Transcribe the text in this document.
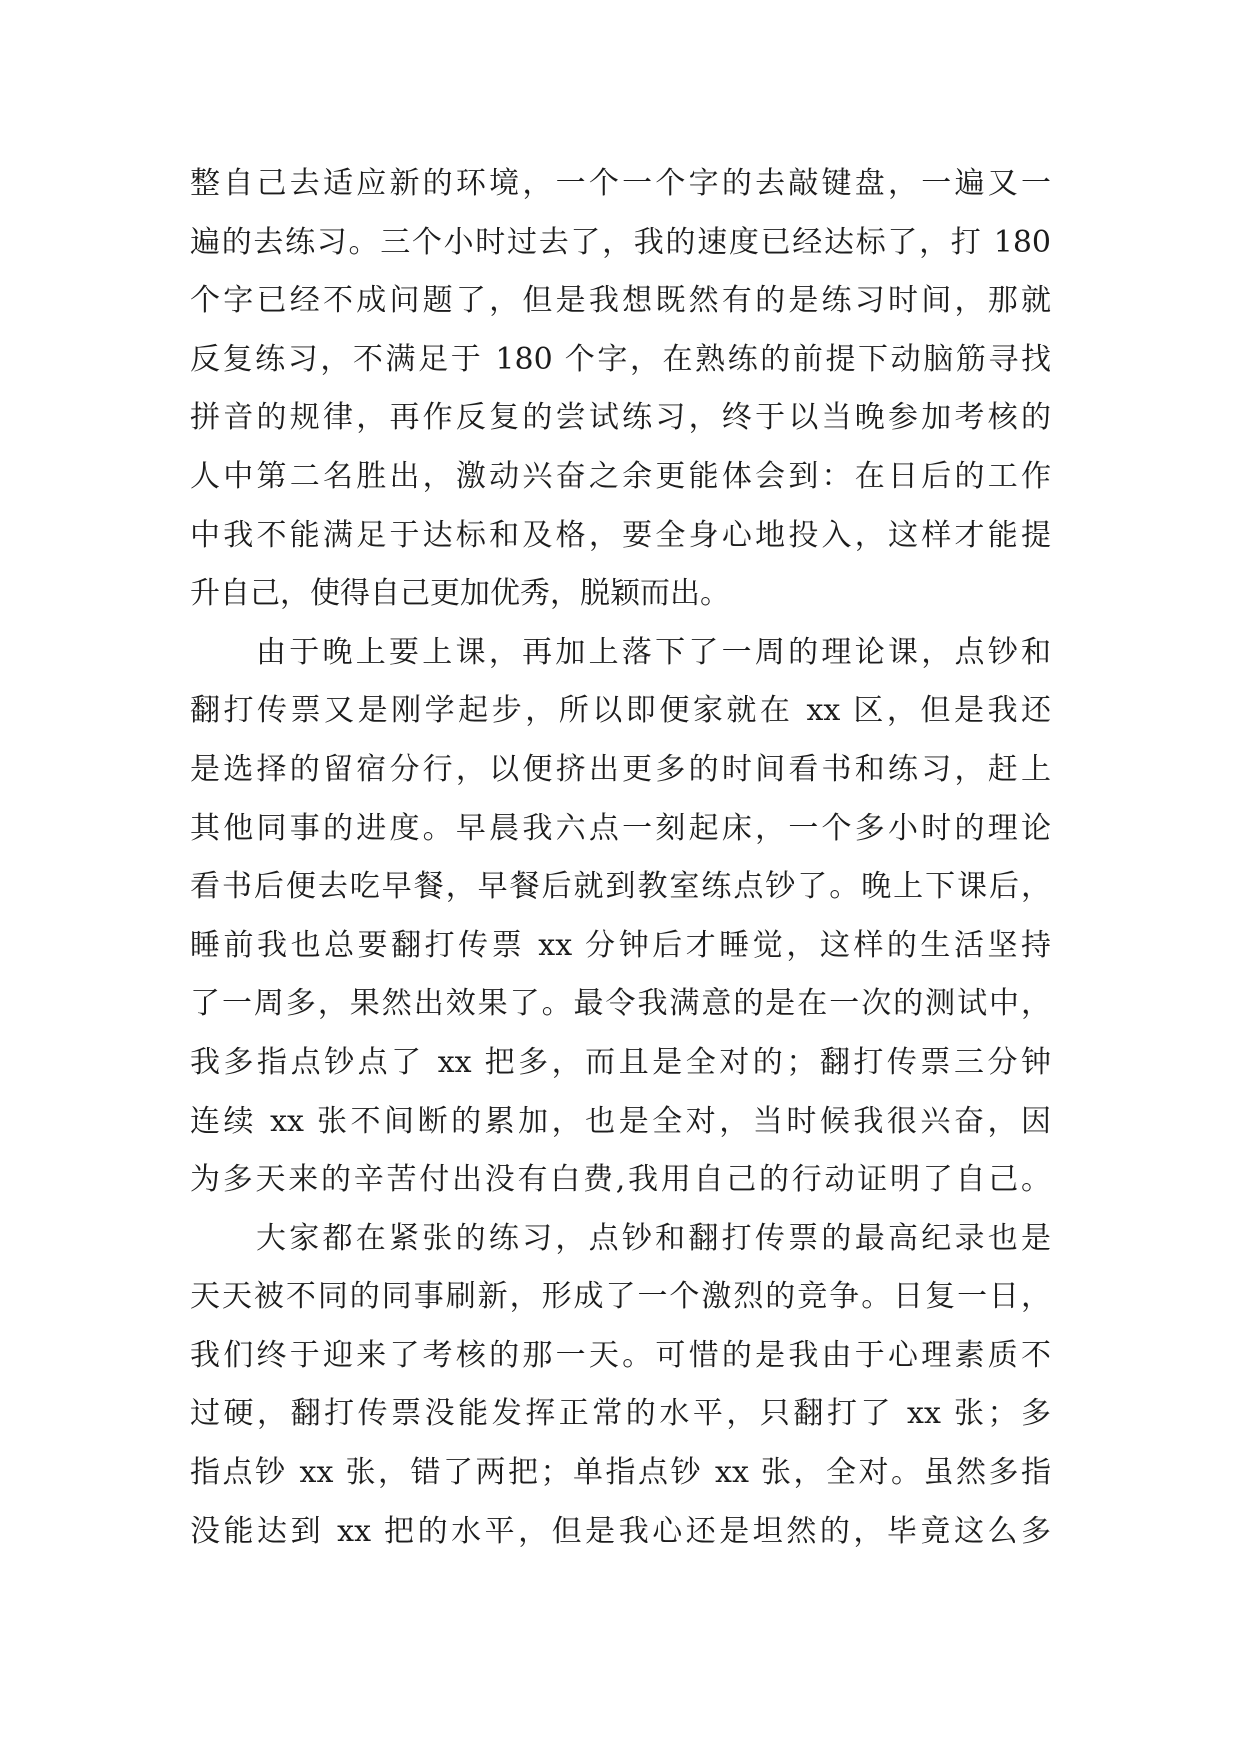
整自己去适应新的环境，一个一个字的去敲键盘，一遍又一
遍的去练习。三个小时过去了，我的速度已经达标了，打 180
个字已经不成问题了，但是我想既然有的是练习时间，那就
反复练习，不满足于 180 个字，在熟练的前提下动脑筋寻找
拼音的规律，再作反复的尝试练习，终于以当晚参加考核的
人中第二名胜出，激动兴奋之余更能体会到：在日后的工作
中我不能满足于达标和及格，要全身心地投入，这样才能提
升自己，使得自己更加优秀，脱颖而出。
由于晚上要上课，再加上落下了一周的理论课，点钞和
翻打传票又是刚学起步，所以即便家就在 xx 区，但是我还
是选择的留宿分行，以便挤出更多的时间看书和练习，赶上
其他同事的进度。早晨我六点一刻起床，一个多小时的理论
看书后便去吃早餐，早餐后就到教室练点钞了。晚上下课后，
睡前我也总要翻打传票 xx 分钟后才睡觉，这样的生活坚持
了一周多，果然出效果了。最令我满意的是在一次的测试中，
我多指点钞点了 xx 把多，而且是全对的；翻打传票三分钟
连续 xx 张不间断的累加，也是全对，当时候我很兴奋，因
为多天来的辛苦付出没有白费,我用自己的行动证明了自己。
大家都在紧张的练习，点钞和翻打传票的最高纪录也是
天天被不同的同事刷新，形成了一个激烈的竞争。日复一日，
我们终于迎来了考核的那一天。可惜的是我由于心理素质不
过硬，翻打传票没能发挥正常的水平，只翻打了 xx 张；多
指点钞 xx 张，错了两把；单指点钞 xx 张，全对。虽然多指
没能达到 xx 把的水平，但是我心还是坦然的，毕竟这么多
